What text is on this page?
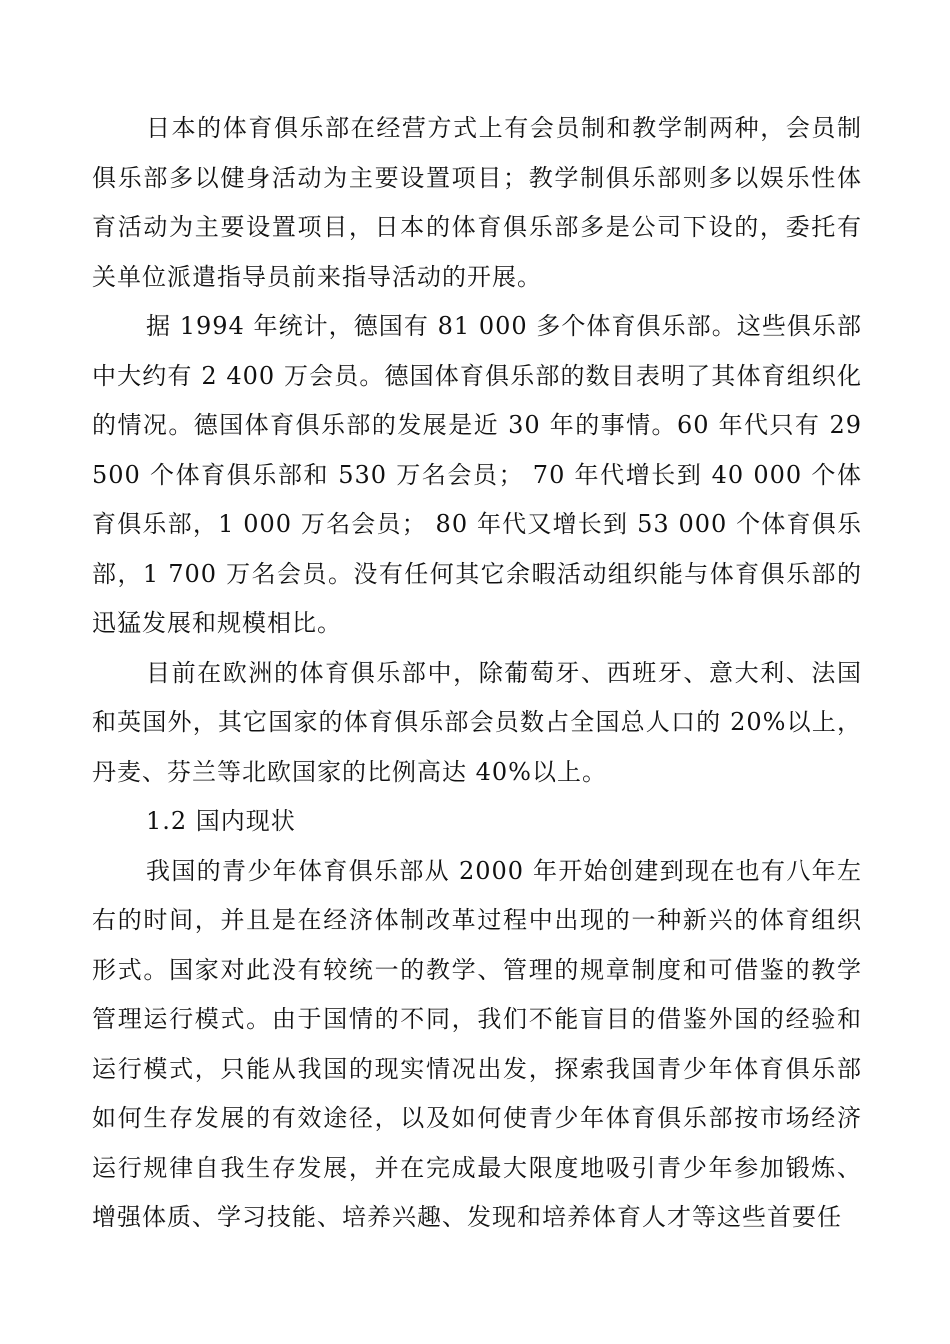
日本的体育俱乐部在经营方式上有会员制和教学制两种，会员制俱乐部多以健身活动为主要设置项目；教学制俱乐部则多以娱乐性体育活动为主要设置项目，日本的体育俱乐部多是公司下设的，委托有关单位派遣指导员前来指导活动的开展。

据 1994 年统计，德国有 81 000 多个体育俱乐部。这些俱乐部中大约有 2 400 万会员。德国体育俱乐部的数目表明了其体育组织化的情况。德国体育俱乐部的发展是近 30 年的事情。60 年代只有 29 500 个体育俱乐部和 530 万名会员； 70 年代增长到 40 000 个体育俱乐部，1 000 万名会员； 80 年代又增长到 53 000 个体育俱乐部，1 700 万名会员。没有任何其它余暇活动组织能与体育俱乐部的迅猛发展和规模相比。

目前在欧洲的体育俱乐部中，除葡萄牙、西班牙、意大利、法国和英国外，其它国家的体育俱乐部会员数占全国总人口的 20%以上，丹麦、芬兰等北欧国家的比例高达 40%以上。

1.2 国内现状

我国的青少年体育俱乐部从 2000 年开始创建到现在也有八年左右的时间，并且是在经济体制改革过程中出现的一种新兴的体育组织形式。国家对此没有较统一的教学、管理的规章制度和可借鉴的教学管理运行模式。由于国情的不同，我们不能盲目的借鉴外国的经验和运行模式，只能从我国的现实情况出发，探索我国青少年体育俱乐部如何生存发展的有效途径，以及如何使青少年体育俱乐部按市场经济运行规律自我生存发展，并在完成最大限度地吸引青少年参加锻炼、增强体质、学习技能、培养兴趣、发现和培养体育人才等这些首要任
